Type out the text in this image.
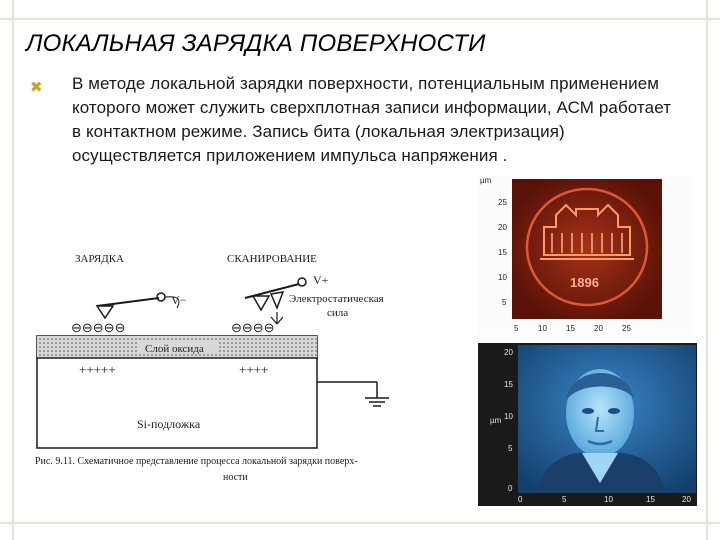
ЛОКАЛЬНАЯ ЗАРЯДКА ПОВЕРХНОСТИ
✖ В методе локальной зарядки поверхности, потенциальным применением которого может служить сверхплотная записи информации, АСМ работает в контактном режиме. Запись бита (локальная электризация) осуществляется приложением импульса напряжения .
ЗАРЯДКА	СКАНИРОВАНИЕ
V−
V+
Электростатическая
сила
⊖⊖⊖⊖⊖	⊖⊖⊖⊖
Слой оксида
+++++	++++
Si-подложка
Рис. 9.11. Схематичное представление процесса локальной зарядки поверх-
ности
1896
µm
25
20
15
10
5
5 10 15 20 25
20
15
10
5
0
µm
0	5	10	15	20
